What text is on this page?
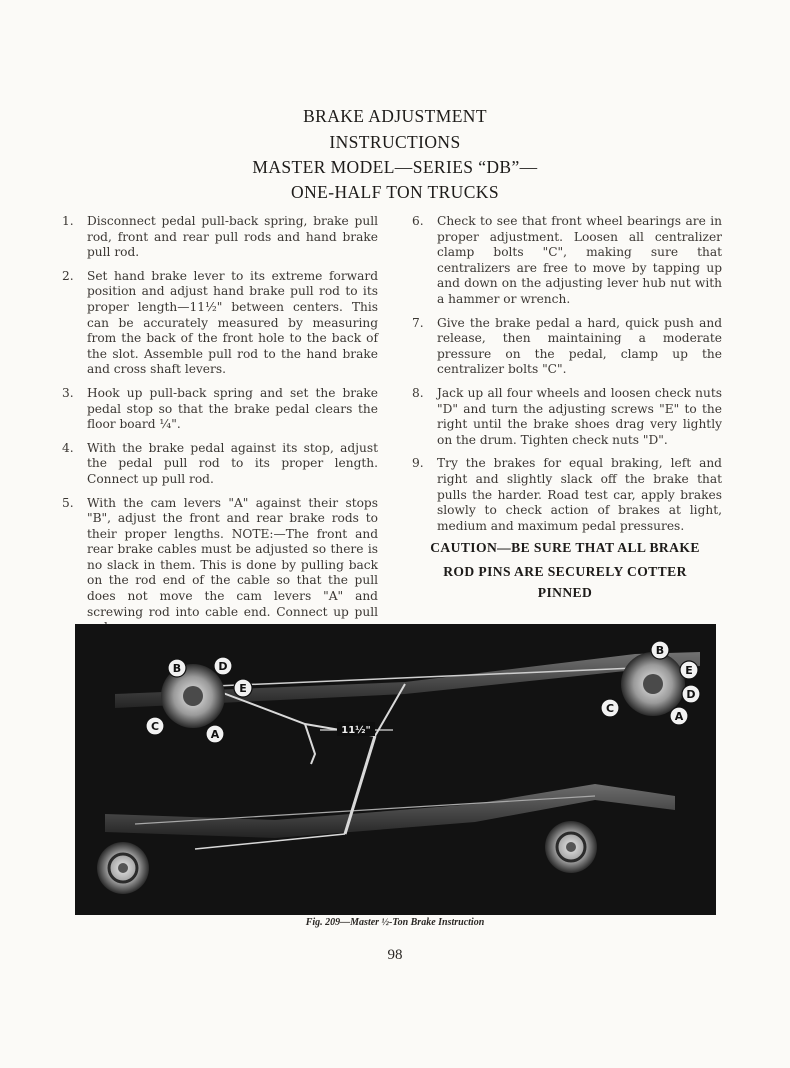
BRAKE ADJUSTMENT
INSTRUCTIONS
MASTER MODEL—SERIES “DB”—
ONE-HALF TON TRUCKS
1.	Disconnect pedal pull-back spring, brake pull rod, front and rear pull rods and hand brake pull rod.
2.	Set hand brake lever to its extreme forward position and adjust hand brake pull rod to its proper length—11½" between centers. This can be accurately measured by measuring from the back of the front hole to the back of the slot. Assemble pull rod to the hand brake and cross shaft levers.
3.	Hook up pull-back spring and set the brake pedal stop so that the brake pedal clears the floor board ¼".
4.	With the brake pedal against its stop, adjust the pedal pull rod to its proper length. Connect up pull rod.
5.	With the cam levers "A" against their stops "B", adjust the front and rear brake rods to their proper lengths. NOTE:—The front and rear brake cables must be adjusted so there is no slack in them. This is done by pulling back on the rod end of the cable so that the pull does not move the cam levers "A" and screwing rod into cable end. Connect up pull
6.	Check to see that front wheel bearings are in proper adjustment. Loosen all centralizer clamp bolts "C", making sure that centralizers are free to move by tapping up and down on the adjusting lever hub nut with a hammer or wrench.
7.	Give the brake pedal a hard, quick push and release, then maintaining a moderate pressure on the pedal, clamp up the centralizer bolts "C".
8.	Jack up all four wheels and loosen check nuts "D" and turn the adjusting screws "E" to the right until the brake shoes drag very lightly on the drum. Tighten check nuts "D".
9.	Try the brakes for equal braking, left and right and slightly slack off the brake that pulls the harder. Road test car, apply brakes slowly to check action of brakes at light, medium and maximum pedal pressures.
CAUTION—BE SURE THAT ALL BRAKE
ROD PINS ARE SECURELY COTTER
PINNED
B	D
E
C
A
B
E
D
C
A
11½"
Fig. 209—Master ½-Ton Brake Instruction
98
